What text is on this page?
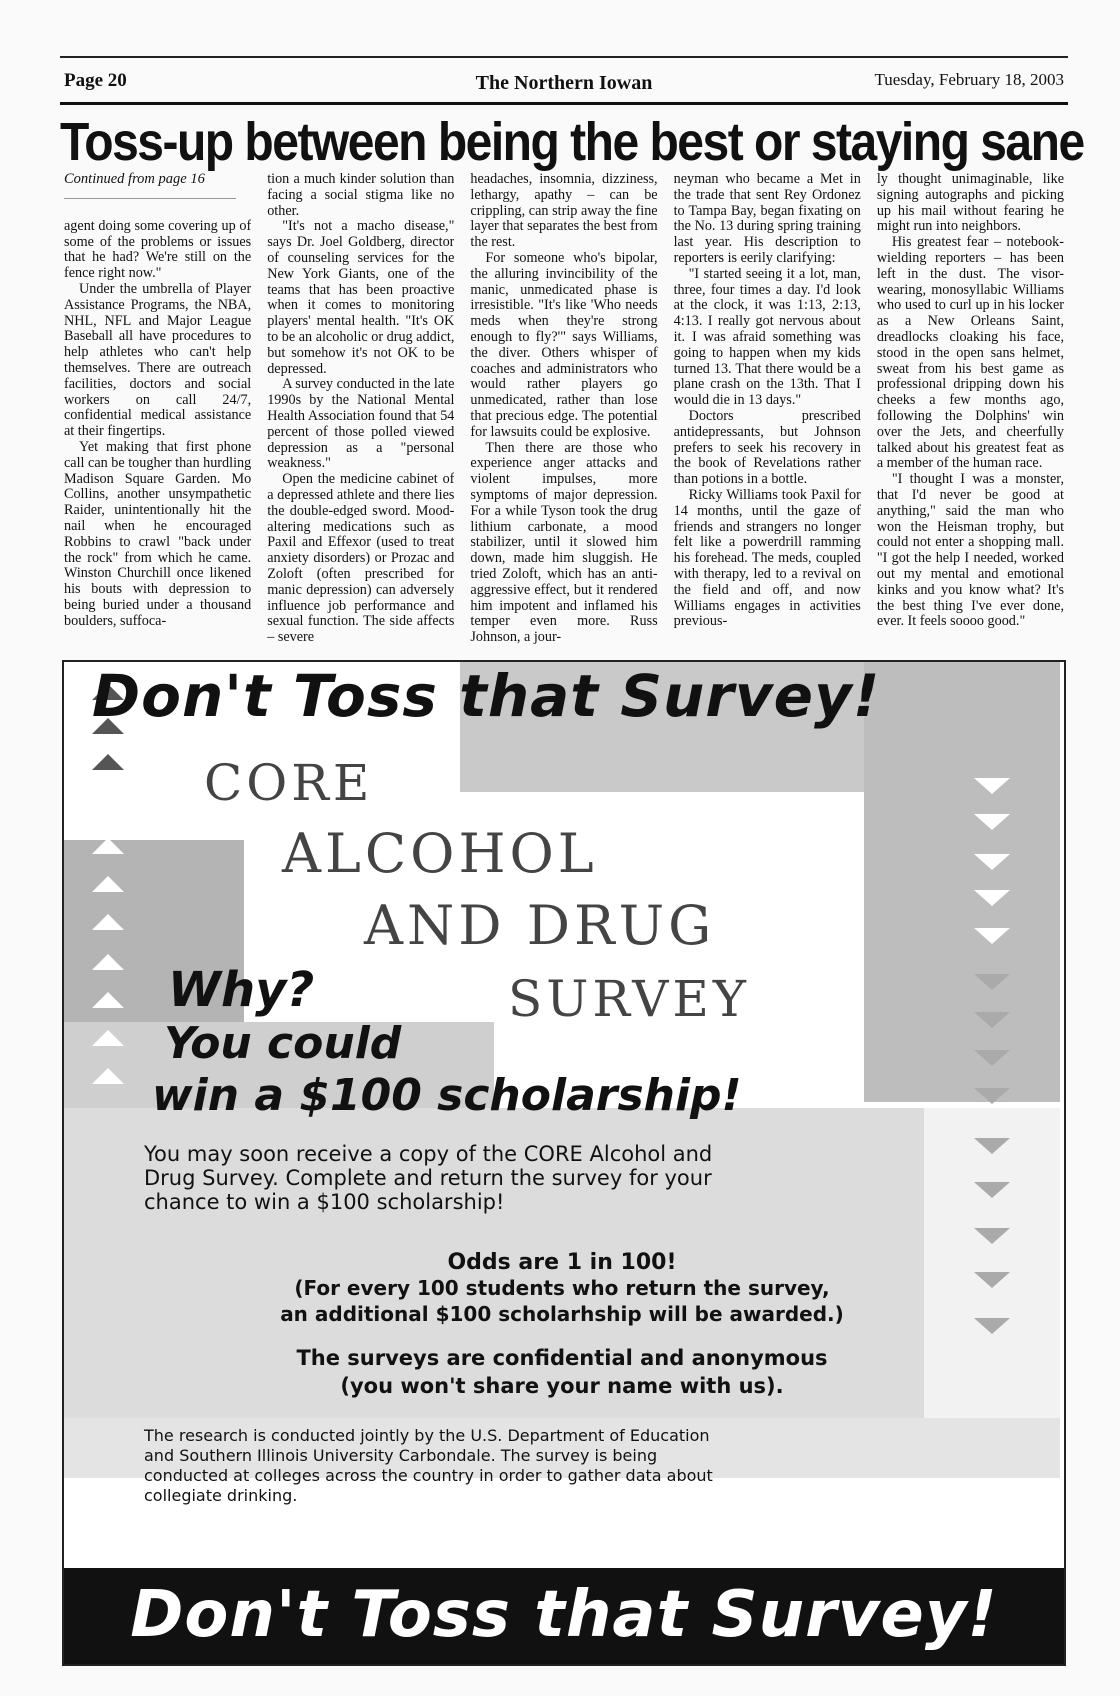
Page 20	The Northern Iowan	Tuesday, February 18, 2003
Toss-up between being the best or staying sane
Continued from page 16

agent doing some covering up of some of the problems or issues that he had? We're still on the fence right now."

Under the umbrella of Player Assistance Programs, the NBA, NHL, NFL and Major League Baseball all have procedures to help athletes who can't help themselves. There are outreach facilities, doctors and social workers on call 24/7, confidential medical assistance at their fingertips.

Yet making that first phone call can be tougher than hurdling Madison Square Garden. Mo Collins, another unsympathetic Raider, unintentionally hit the nail when he encouraged Robbins to crawl "back under the rock" from which he came. Winston Churchill once likened his bouts with depression to being buried under a thousand boulders, suffoca-

tion a much kinder solution than facing a social stigma like no other.

"It's not a macho disease," says Dr. Joel Goldberg, director of counseling services for the New York Giants, one of the teams that has been proactive when it comes to monitoring players' mental health. "It's OK to be an alcoholic or drug addict, but somehow it's not OK to be depressed.

A survey conducted in the late 1990s by the National Mental Health Association found that 54 percent of those polled viewed depression as a "personal weakness."

Open the medicine cabinet of a depressed athlete and there lies the double-edged sword. Mood-altering medications such as Paxil and Effexor (used to treat anxiety disorders) or Prozac and Zoloft (often prescribed for manic depression) can adversely influence job performance and sexual function. The side affects – severe

headaches, insomnia, dizziness, lethargy, apathy – can be crippling, can strip away the fine layer that separates the best from the rest.

For someone who's bipolar, the alluring invincibility of the manic, unmedicated phase is irresistible. "It's like 'Who needs meds when they're strong enough to fly?'" says Williams, the diver. Others whisper of coaches and administrators who would rather players go unmedicated, rather than lose that precious edge. The potential for lawsuits could be explosive.

Then there are those who experience anger attacks and violent impulses, more symptoms of major depression. For a while Tyson took the drug lithium carbonate, a mood stabilizer, until it slowed him down, made him sluggish. He tried Zoloft, which has an anti-aggressive effect, but it rendered him impotent and inflamed his temper even more. Russ Johnson, a jour-

neyman who became a Met in the trade that sent Rey Ordonez to Tampa Bay, began fixating on the No. 13 during spring training last year. His description to reporters is eerily clarifying:

"I started seeing it a lot, man, three, four times a day. I'd look at the clock, it was 1:13, 2:13, 4:13. I really got nervous about it. I was afraid something was going to happen when my kids turned 13. That there would be a plane crash on the 13th. That I would die in 13 days."

Doctors prescribed antidepressants, but Johnson prefers to seek his recovery in the book of Revelations rather than potions in a bottle.

Ricky Williams took Paxil for 14 months, until the gaze of friends and strangers no longer felt like a powerdrill ramming his forehead. The meds, coupled with therapy, led to a revival on the field and off, and now Williams engages in activities previous-

ly thought unimaginable, like signing autographs and picking up his mail without fearing he might run into neighbors.

His greatest fear – notebook-wielding reporters – has been left in the dust. The visor-wearing, monosyllabic Williams who used to curl up in his locker as a New Orleans Saint, dreadlocks cloaking his face, stood in the open sans helmet, sweat from his best game as professional dripping down his cheeks a few months ago, following the Dolphins' win over the Jets, and cheerfully talked about his greatest feat as a member of the human race.

"I thought I was a monster, that I'd never be good at anything," said the man who won the Heisman trophy, but could not enter a shopping mall. "I got the help I needed, worked out my mental and emotional kinks and you know what? It's the best thing I've ever done, ever. It feels soooo good."

Don't Toss that Survey!
CORE
ALCOHOL
AND DRUG
SURVEY
Why?
You could
win a $100 scholarship!
You may soon receive a copy of the CORE Alcohol and
Drug Survey. Complete and return the survey for your
chance to win a $100 scholarship!
Odds are 1 in 100!
(For every 100 students who return the survey,
an additional $100 scholarhship will be awarded.)
The surveys are confidential and anonymous
(you won't share your name with us).
The research is conducted jointly by the U.S. Department of Education
and Southern Illinois University Carbondale. The survey is being
conducted at colleges across the country in order to gather data about
collegiate drinking.
Don't Toss that Survey!
